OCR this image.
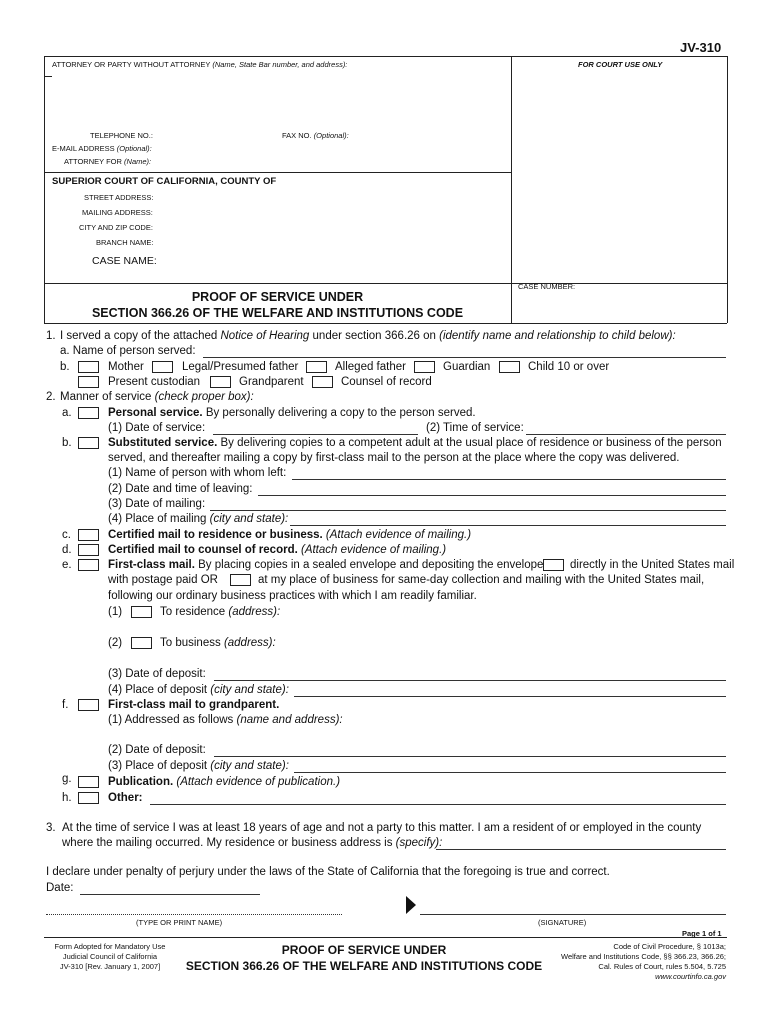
JV-310
ATTORNEY OR PARTY WITHOUT ATTORNEY (Name, State Bar number, and address):	FOR COURT USE ONLY
TELEPHONE NO.:	FAX NO. (Optional):
E-MAIL ADDRESS (Optional):
ATTORNEY FOR (Name):
SUPERIOR COURT OF CALIFORNIA, COUNTY OF
STREET ADDRESS:
MAILING ADDRESS:
CITY AND ZIP CODE:
BRANCH NAME:
CASE NAME:
PROOF OF SERVICE UNDER
SECTION 366.26 OF THE WELFARE AND INSTITUTIONS CODE
CASE NUMBER:
1. I served a copy of the attached Notice of Hearing under section 366.26 on (identify name and relationship to child below):
a. Name of person served:
b.	Mother	Legal/Presumed father	Alleged father	Guardian	Child 10 or over
Present custodian	Grandparent	Counsel of record
2. Manner of service (check proper box):
a.	Personal service. By personally delivering a copy to the person served.
(1) Date of service:	(2) Time of service:
b.	Substituted service. By delivering copies to a competent adult at the usual place of residence or business of the person
served, and thereafter mailing a copy by first-class mail to the person at the place where the copy was delivered.
(1) Name of person with whom left:
(2) Date and time of leaving:
(3) Date of mailing:
(4) Place of mailing (city and state):
c.	Certified mail to residence or business. (Attach evidence of mailing.)
d.	Certified mail to counsel of record. (Attach evidence of mailing.)
e.	First-class mail. By placing copies in a sealed envelope and depositing the envelope directly in the United States mail
with postage paid OR	at my place of business for same-day collection and mailing with the United States mail,
following our ordinary business practices with which I am readily familiar.
(1)	To residence (address):
(2)	To business (address):
(3) Date of deposit:
(4) Place of deposit (city and state):
f.	First-class mail to grandparent.
(1) Addressed as follows (name and address):
(2) Date of deposit:
(3) Place of deposit (city and state):
g.	Publication. (Attach evidence of publication.)
h.	Other:
3. At the time of service I was at least 18 years of age and not a party to this matter. I am a resident of or employed in the county
where the mailing occurred. My residence or business address is (specify):
I declare under penalty of perjury under the laws of the State of California that the foregoing is true and correct.
Date:
(TYPE OR PRINT NAME)	(SIGNATURE)
Page 1 of 1
Form Adopted for Mandatory Use
Judicial Council of California
JV-310 [Rev. January 1, 2007]
PROOF OF SERVICE UNDER
SECTION 366.26 OF THE WELFARE AND INSTITUTIONS CODE
Code of Civil Procedure, § 1013a;
Welfare and Institutions Code, §§ 366.23, 366.26;
Cal. Rules of Court, rules 5.504, 5.725
www.courtinfo.ca.gov
